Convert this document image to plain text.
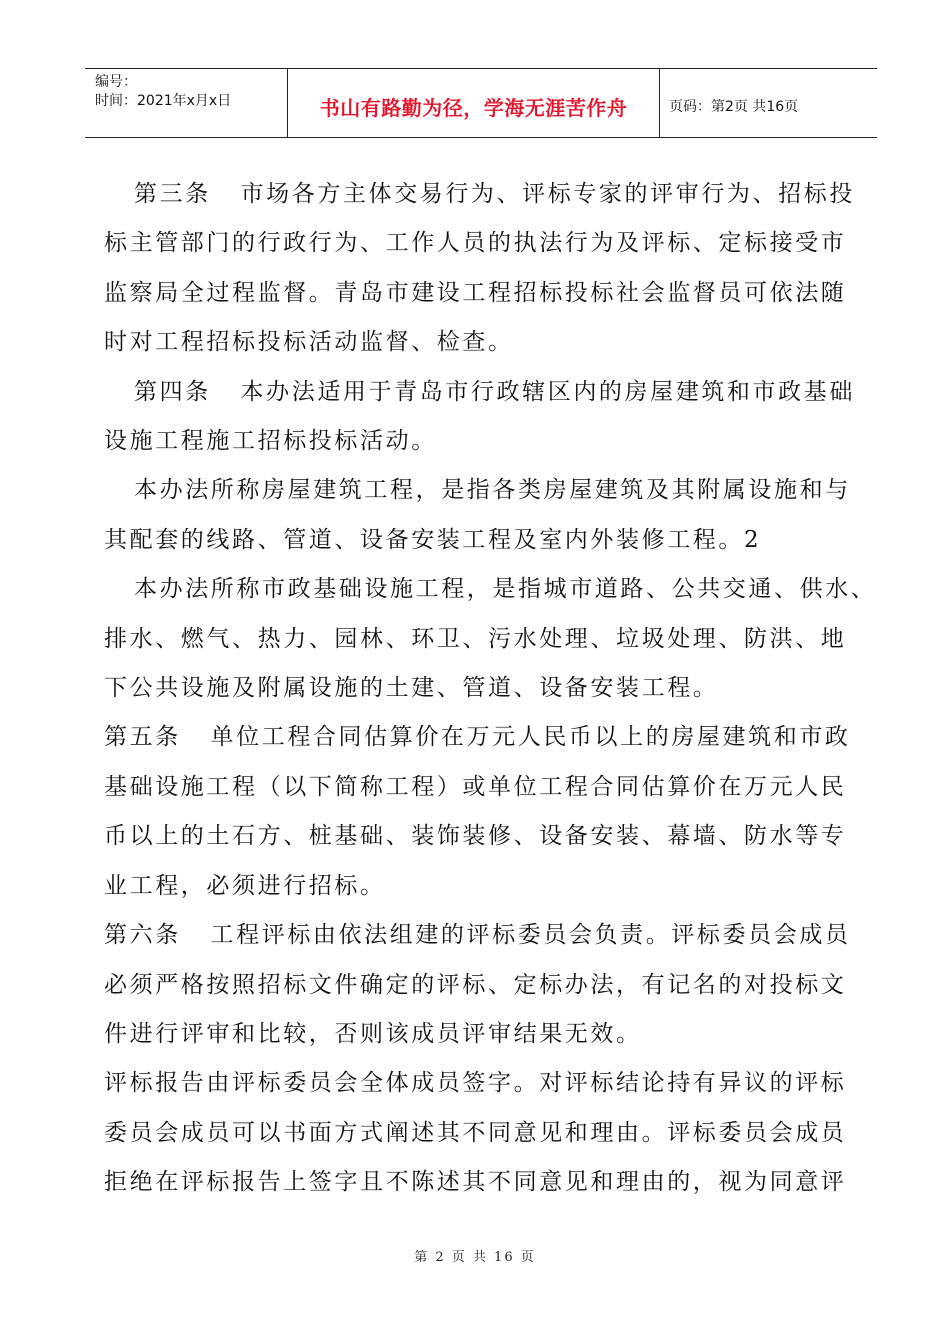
编号：
时间：2021年x月x日	书山有路勤为径，学海无涯苦作舟	页码：第2页 共16页

第三条   市场各方主体交易行为、评标专家的评审行为、招标投

标主管部门的行政行为、工作人员的执法行为及评标、定标接受市

监察局全过程监督。青岛市建设工程招标投标社会监督员可依法随

时对工程招标投标活动监督、检查。

第四条   本办法适用于青岛市行政辖区内的房屋建筑和市政基础

设施工程施工招标投标活动。

本办法所称房屋建筑工程，是指各类房屋建筑及其附属设施和与

其配套的线路、管道、设备安装工程及室内外装修工程。2

本办法所称市政基础设施工程，是指城市道路、公共交通、供水、

排水、燃气、热力、园林、环卫、污水处理、垃圾处理、防洪、地

下公共设施及附属设施的土建、管道、设备安装工程。

第五条   单位工程合同估算价在万元人民币以上的房屋建筑和市政

基础设施工程（以下简称工程）或单位工程合同估算价在万元人民

币以上的土石方、桩基础、装饰装修、设备安装、幕墙、防水等专

业工程，必须进行招标。

第六条   工程评标由依法组建的评标委员会负责。评标委员会成员

必须严格按照招标文件确定的评标、定标办法，有记名的对投标文

件进行评审和比较，否则该成员评审结果无效。

评标报告由评标委员会全体成员签字。对评标结论持有异议的评标

委员会成员可以书面方式阐述其不同意见和理由。评标委员会成员

拒绝在评标报告上签字且不陈述其不同意见和理由的，视为同意评

第 2 页 共 16 页
